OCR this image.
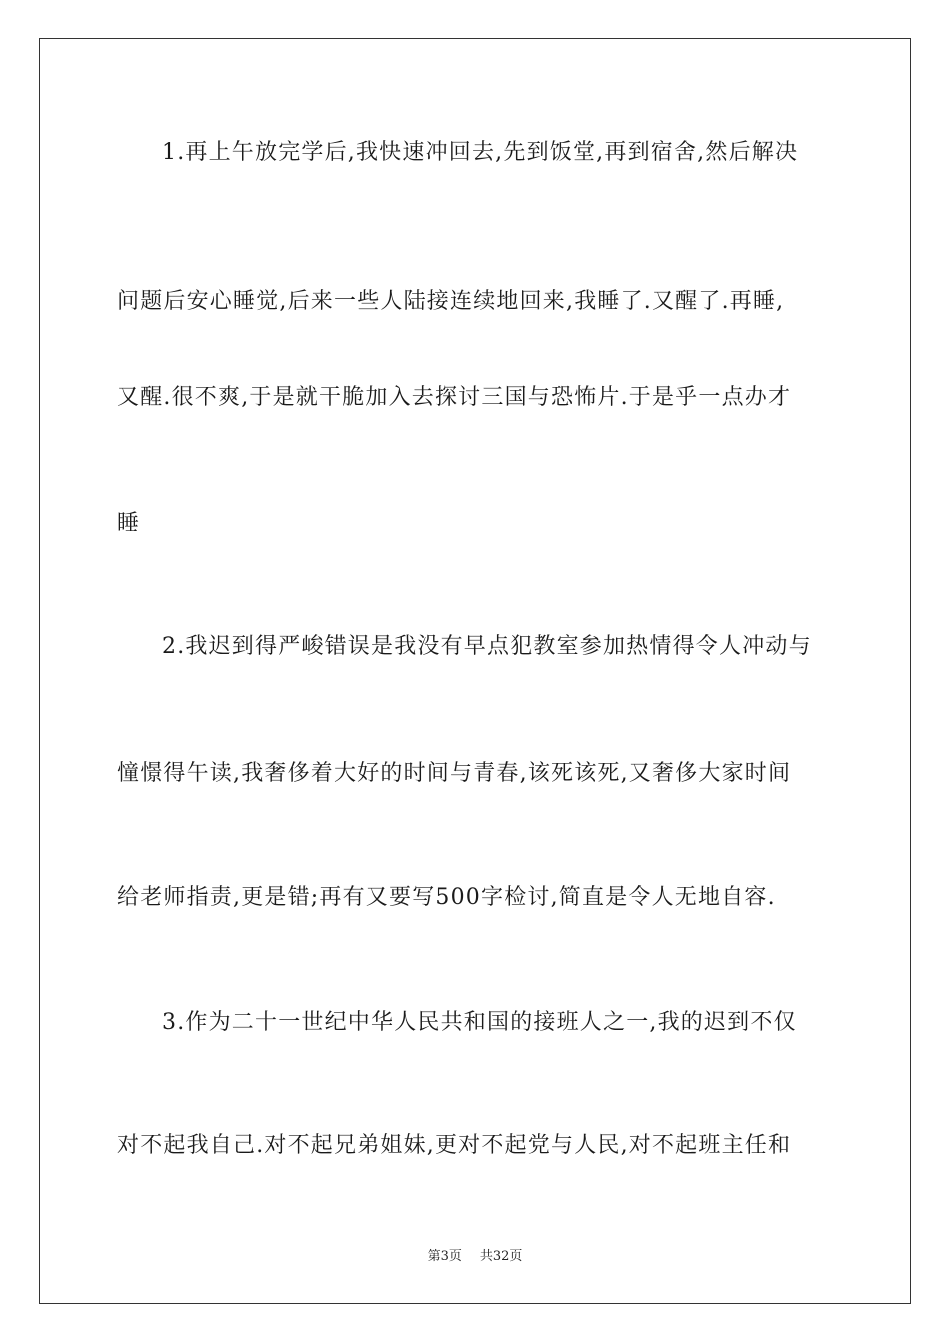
1.再上午放完学后,我快速冲回去,先到饭堂,再到宿舍,然后解决
问题后安心睡觉,后来一些人陆接连续地回来,我睡了.又醒了.再睡,
又醒.很不爽,于是就干脆加入去探讨三国与恐怖片.于是乎一点办才
睡
2.我迟到得严峻错误是我没有早点犯教室参加热情得令人冲动与
憧憬得午读,我奢侈着大好的时间与青春,该死该死,又奢侈大家时间
给老师指责,更是错;再有又要写500字检讨,简直是令人无地自容.
3.作为二十一世纪中华人民共和国的接班人之一,我的迟到不仅
对不起我自己.对不起兄弟姐妹,更对不起党与人民,对不起班主任和
第3页 共32页
